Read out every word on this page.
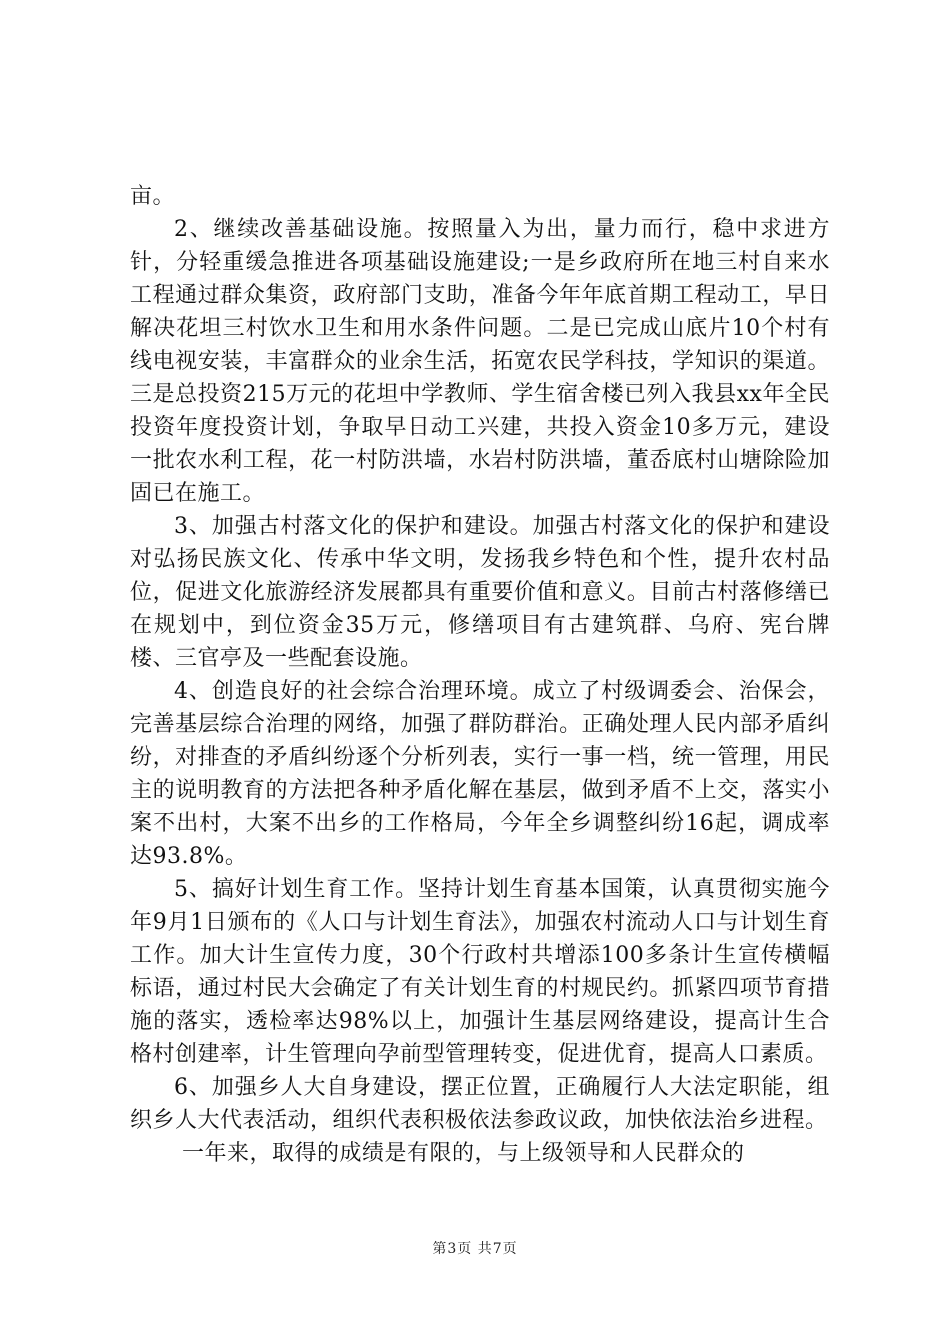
亩。

2、继续改善基础设施。按照量入为出，量力而行，稳中求进方针，分轻重缓急推进各项基础设施建设;一是乡政府所在地三村自来水工程通过群众集资，政府部门支助，准备今年年底首期工程动工，早日解决花坦三村饮水卫生和用水条件问题。二是已完成山底片10个村有线电视安装，丰富群众的业余生活，拓宽农民学科技，学知识的渠道。三是总投资215万元的花坦中学教师、学生宿舍楼已列入我县xx年全民投资年度投资计划，争取早日动工兴建，共投入资金10多万元，建设一批农水利工程，花一村防洪墙，水岩村防洪墙，董岙底村山塘除险加固已在施工。

3、加强古村落文化的保护和建设。加强古村落文化的保护和建设对弘扬民族文化、传承中华文明，发扬我乡特色和个性，提升农村品位，促进文化旅游经济发展都具有重要价值和意义。目前古村落修缮已在规划中，到位资金35万元，修缮项目有古建筑群、乌府、宪台牌楼、三官亭及一些配套设施。

4、创造良好的社会综合治理环境。成立了村级调委会、治保会，完善基层综合治理的网络，加强了群防群治。正确处理人民内部矛盾纠纷，对排查的矛盾纠纷逐个分析列表，实行一事一档，统一管理，用民主的说明教育的方法把各种矛盾化解在基层，做到矛盾不上交，落实小案不出村，大案不出乡的工作格局，今年全乡调整纠纷16起，调成率达93.8%。

5、搞好计划生育工作。坚持计划生育基本国策，认真贯彻实施今年9月1日颁布的《人口与计划生育法》，加强农村流动人口与计划生育工作。加大计生宣传力度，30个行政村共增添100多条计生宣传横幅标语，通过村民大会确定了有关计划生育的村规民约。抓紧四项节育措施的落实，透检率达98%以上，加强计生基层网络建设，提高计生合格村创建率，计生管理向孕前型管理转变，促进优育，提高人口素质。

6、加强乡人大自身建设，摆正位置，正确履行人大法定职能，组织乡人大代表活动，组织代表积极依法参政议政，加快依法治乡进程。

一年来，取得的成绩是有限的，与上级领导和人民群众的

第3页 共7页
